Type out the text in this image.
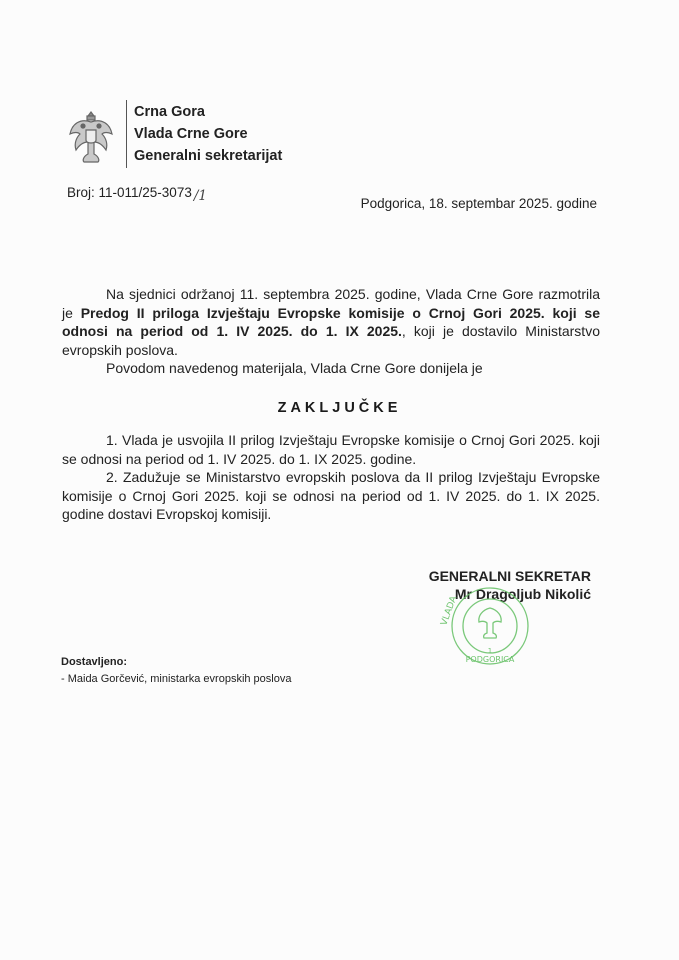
Crna Gora
Vlada Crne Gore
Generalni sekretarijat
Broj: 11-011/25-3073 /1	Podgorica, 18. septembar 2025. godine
Na sjednici održanoj 11. septembra 2025. godine, Vlada Crne Gore razmotrila je Predog II priloga Izvještaju Evropske komisije o Crnoj Gori 2025. koji se odnosi na period od 1. IV 2025. do 1. IX 2025., koji je dostavilo Ministarstvo evropskih poslova.
Povodom navedenog materijala, Vlada Crne Gore donijela je
ZAKLJUČKE
1. Vlada je usvojila II prilog Izvještaju Evropske komisije o Crnoj Gori 2025. koji se odnosi na period od 1. IV 2025. do 1. IX 2025. godine.
2. Zadužuje se Ministarstvo evropskih poslova da II prilog Izvještaju Evropske komisije o Crnoj Gori 2025. koji se odnosi na period od 1. IV 2025. do 1. IX 2025. godine dostavi Evropskoj komisiji.
GENERALNI SEKRETAR
Mr Dragoljub Nikolić
VLADA
PODGORICA
1
Dostavljeno:
- Maida Gorčević, ministarka evropskih poslova
